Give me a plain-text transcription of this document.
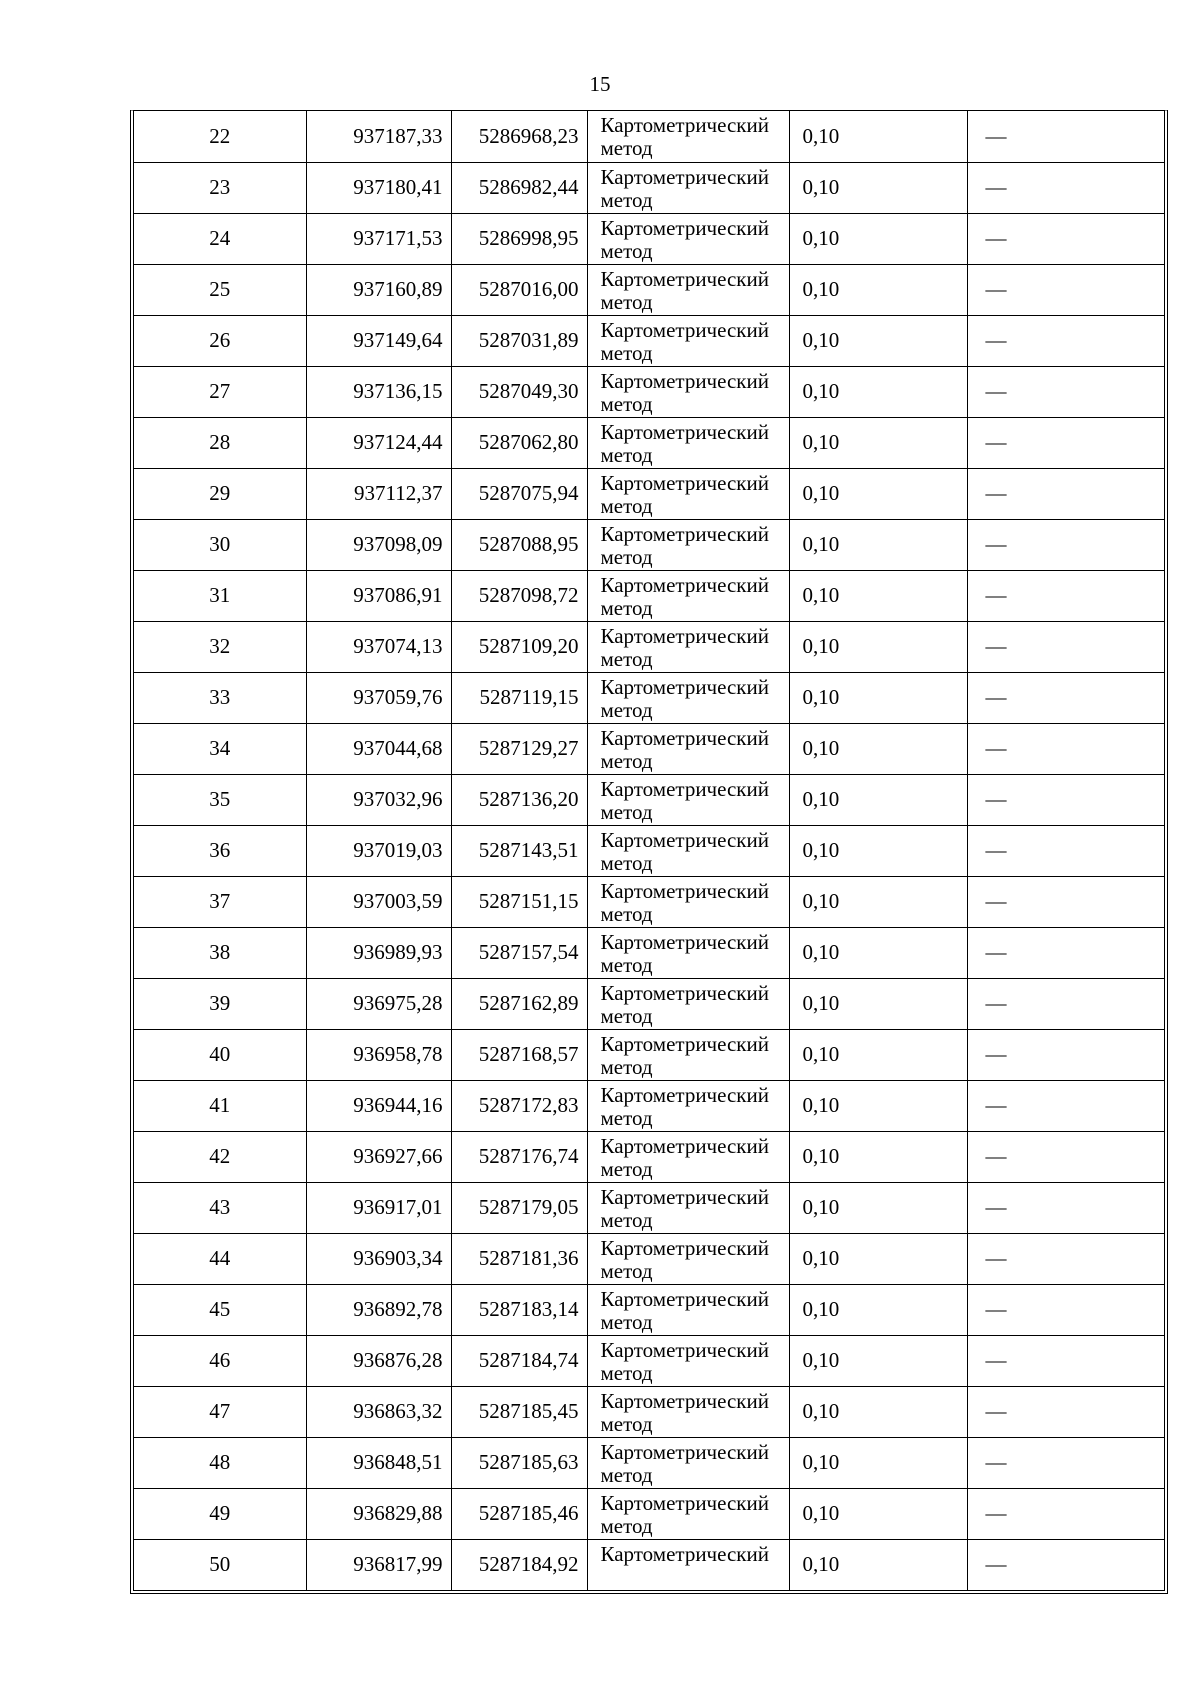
15
22	937187,33	5286968,23	Картометрический метод	0,10	—
23	937180,41	5286982,44	Картометрический метод	0,10	—
24	937171,53	5286998,95	Картометрический метод	0,10	—
25	937160,89	5287016,00	Картометрический метод	0,10	—
26	937149,64	5287031,89	Картометрический метод	0,10	—
27	937136,15	5287049,30	Картометрический метод	0,10	—
28	937124,44	5287062,80	Картометрический метод	0,10	—
29	937112,37	5287075,94	Картометрический метод	0,10	—
30	937098,09	5287088,95	Картометрический метод	0,10	—
31	937086,91	5287098,72	Картометрический метод	0,10	—
32	937074,13	5287109,20	Картометрический метод	0,10	—
33	937059,76	5287119,15	Картометрический метод	0,10	—
34	937044,68	5287129,27	Картометрический метод	0,10	—
35	937032,96	5287136,20	Картометрический метод	0,10	—
36	937019,03	5287143,51	Картометрический метод	0,10	—
37	937003,59	5287151,15	Картометрический метод	0,10	—
38	936989,93	5287157,54	Картометрический метод	0,10	—
39	936975,28	5287162,89	Картометрический метод	0,10	—
40	936958,78	5287168,57	Картометрический метод	0,10	—
41	936944,16	5287172,83	Картометрический метод	0,10	—
42	936927,66	5287176,74	Картометрический метод	0,10	—
43	936917,01	5287179,05	Картометрический метод	0,10	—
44	936903,34	5287181,36	Картометрический метод	0,10	—
45	936892,78	5287183,14	Картометрический метод	0,10	—
46	936876,28	5287184,74	Картометрический метод	0,10	—
47	936863,32	5287185,45	Картометрический метод	0,10	—
48	936848,51	5287185,63	Картометрический метод	0,10	—
49	936829,88	5287185,46	Картометрический метод	0,10	—
50	936817,99	5287184,92	Картометрический	0,10	—
